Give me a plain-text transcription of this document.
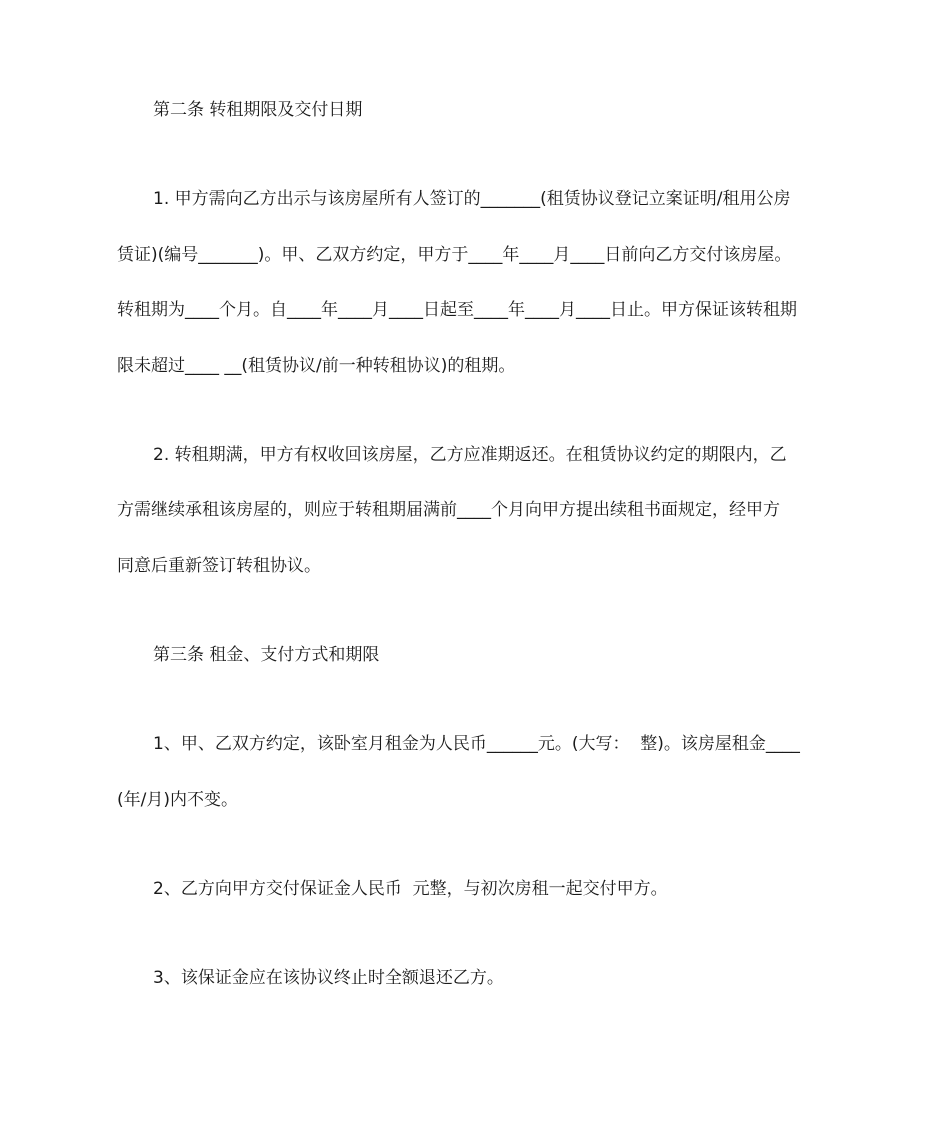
第二条 转租期限及交付日期
1. 甲方需向乙方出示与该房屋所有人签订的_______(租赁协议登记立案证明/租用公房
赁证)(编号_______)。甲、乙双方约定，甲方于____年____月____日前向乙方交付该房屋。
转租期为____个月。自____年____月____日起至____年____月____日止。甲方保证该转租期
限未超过____ __(租赁协议/前一种转租协议)的租期。
2. 转租期满，甲方有权收回该房屋，乙方应准期返还。在租赁协议约定的期限内，乙
方需继续承租该房屋的，则应于转租期届满前____个月向甲方提出续租书面规定，经甲方
同意后重新签订转租协议。
第三条 租金、支付方式和期限
1、甲、乙双方约定，该卧室月租金为人民币______元。(大写：  整)。该房屋租金____
(年/月)内不变。
2、乙方向甲方交付保证金人民币  元整，与初次房租一起交付甲方。
3、该保证金应在该协议终止时全额退还乙方。
